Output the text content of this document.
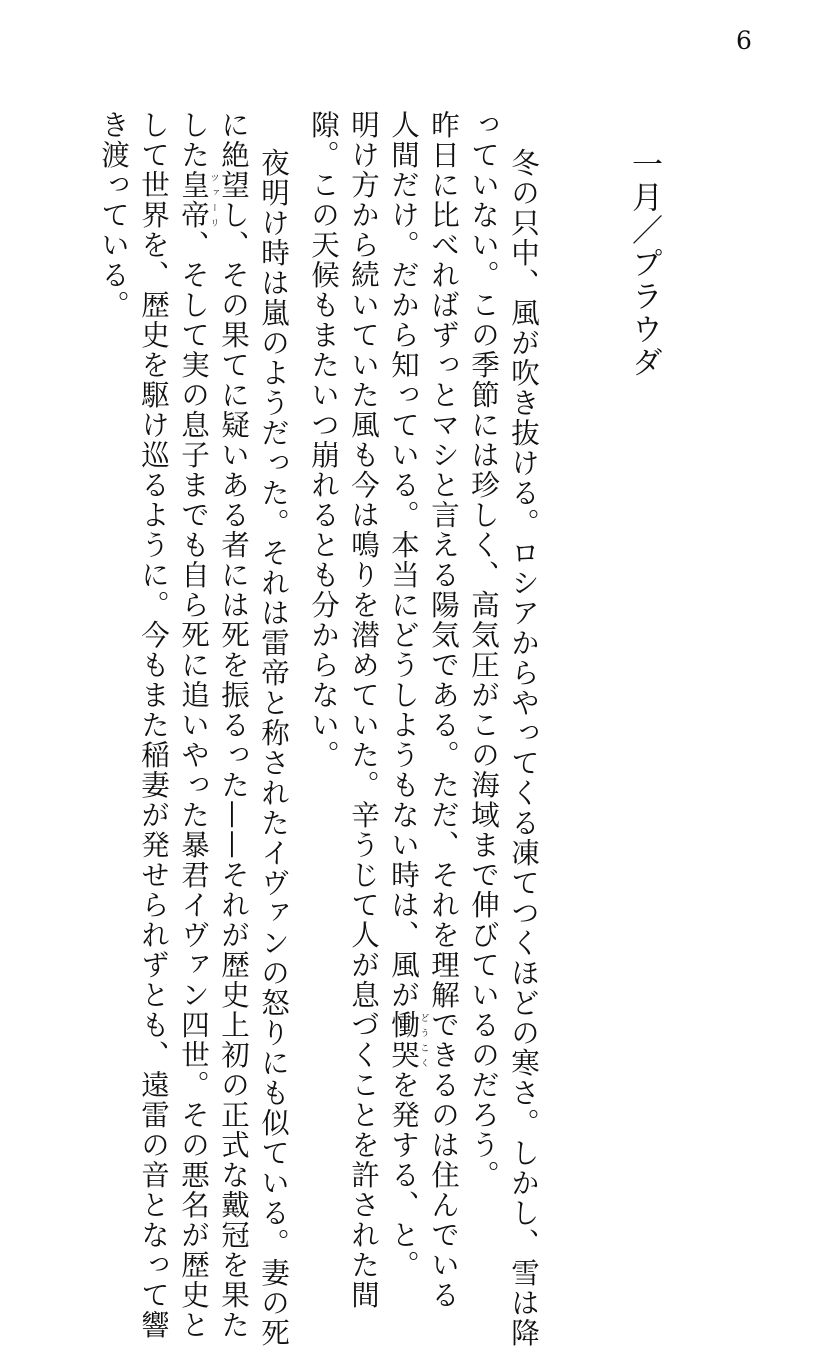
6
一月／プラウダ
冬の只中、風が吹き抜ける。ロシアからやってくる凍てつくほどの寒さ。しかし、雪は降
っていない。この季節には珍しく、高気圧がこの海域まで伸びているのだろう。
昨日に比べればずっとマシと言える陽気である。ただ、それを理解できるのは住んでいる
人間だけ。だから知っている。本当にどうしようもない時は、風が慟哭どうこくを発する、と。
明け方から続いていた風も今は鳴りを潜めていた。辛うじて人が息づくことを許された間
隙。この天候もまたいつ崩れるとも分からない。
夜明け時は嵐のようだった。それは雷帝と称されたイヴァンの怒りにも似ている。妻の死
に絶望し、その果てに疑いある者には死を振るった——それが歴史上初の正式な戴冠を果た
した皇帝ツァーリ、そして実の息子までも自ら死に追いやった暴君イヴァン四世。その悪名が歴史と
して世界を、歴史を駆け巡るように。今もまた稲妻が発せられずとも、遠雷の音となって響
き渡っている。
